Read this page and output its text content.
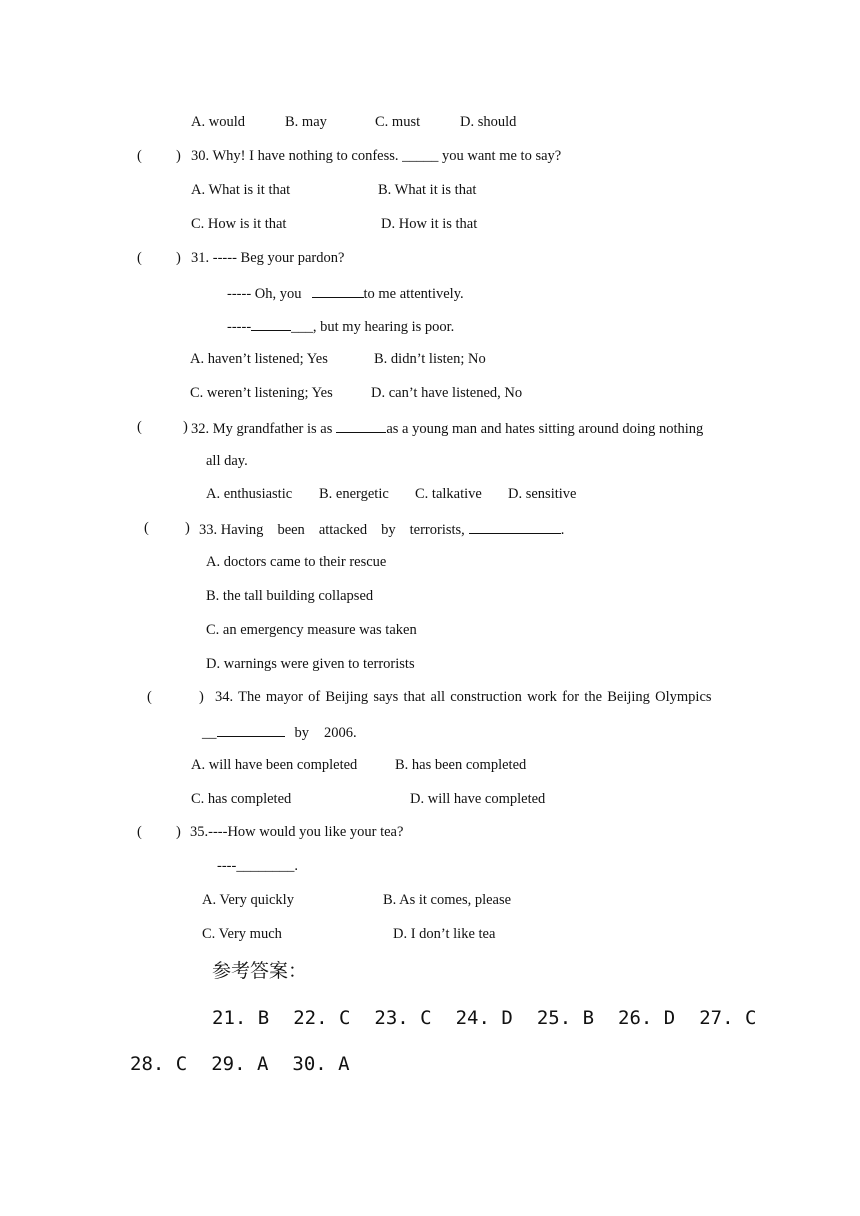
A. would	B. may	C. must	D. should
( ) 30. Why! I have nothing to confess. _____ you want me to say?
A. What is it that	B. What it is that
C. How is it that	D. How it is that
( ) 31. ----- Beg your pardon?
----- Oh, you	to me attentively.
-----	___, but my hearing is poor.
A. haven’t listened; Yes	B. didn’t listen; No
C. weren’t listening; Yes	D. can’t have listened, No
(	) 32. My grandfather is as	as a young man and hates sitting around doing nothing
all day.
A. enthusiastic B. energetic C. talkative D. sensitive
( ) 33. Having been attacked by terrorists,	.
A. doctors came to their rescue
B. the tall building collapsed
C. an emergency measure was taken
D. warnings were given to terrorists
(	) 34. The mayor of Beijing says that all construction work for the Beijing Olympics
__	by 2006.
A. will have been completed	B. has been completed
C. has completed	D. will have completed
( ) 35.----How would you like your tea?
----________.
A. Very quickly	B. As it comes, please
C. Very much	D. I don’t like tea
参考答案：
21. B 22. C 23. C 24. D 25. B 26. D 27. C
28. C 29. A 30. A
